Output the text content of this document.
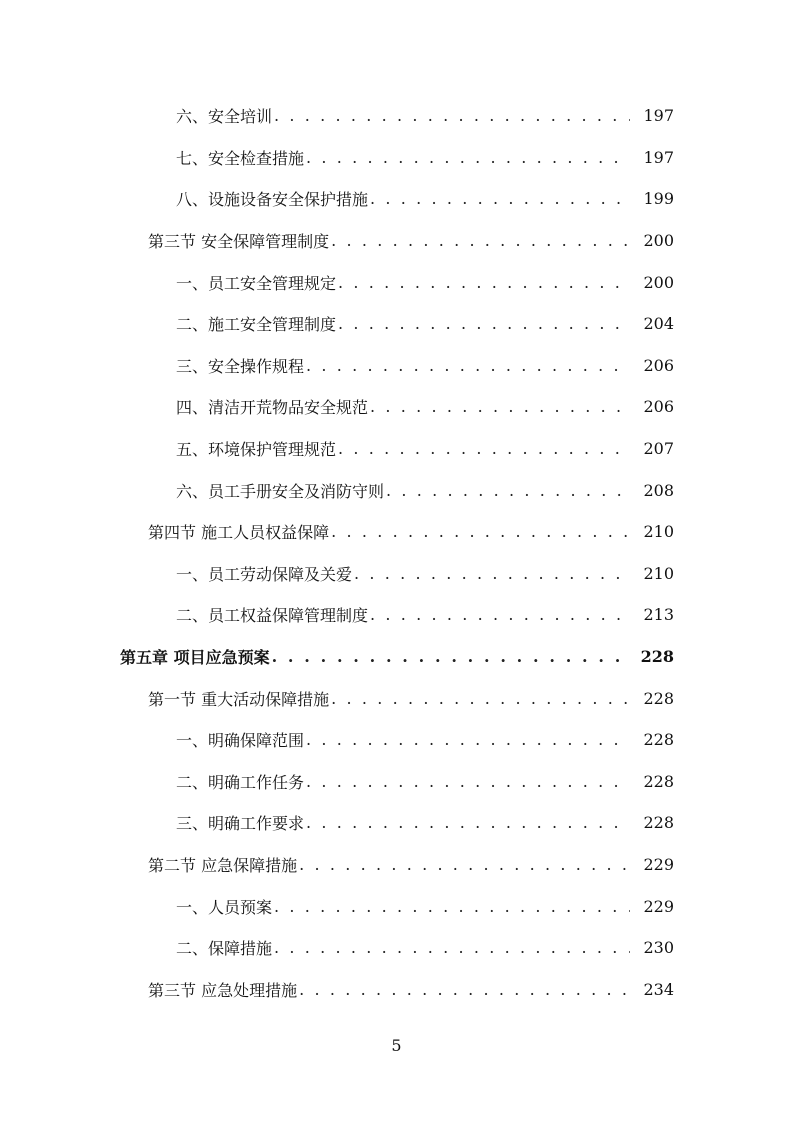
六、安全培训 . . .	197
七、安全检查措施 . . .	197
八、设施设备安全保护措施 . . .	199
第三节 安全保障管理制度 . . .	200
一、员工安全管理规定 . . .	200
二、施工安全管理制度 . . .	204
三、安全操作规程 . . .	206
四、清洁开荒物品安全规范 . . .	206
五、环境保护管理规范 . . .	207
六、员工手册安全及消防守则 . . .	208
第四节 施工人员权益保障 . . .	210
一、员工劳动保障及关爱 . . .	210
二、员工权益保障管理制度 . . .	213
第五章 项目应急预案 . . .	228
第一节 重大活动保障措施 . . .	228
一、明确保障范围 . . .	228
二、明确工作任务 . . .	228
三、明确工作要求 . . .	228
第二节 应急保障措施 . . .	229
一、人员预案 . . .	229
二、保障措施 . . .	230
第三节 应急处理措施 . . .	234
5
